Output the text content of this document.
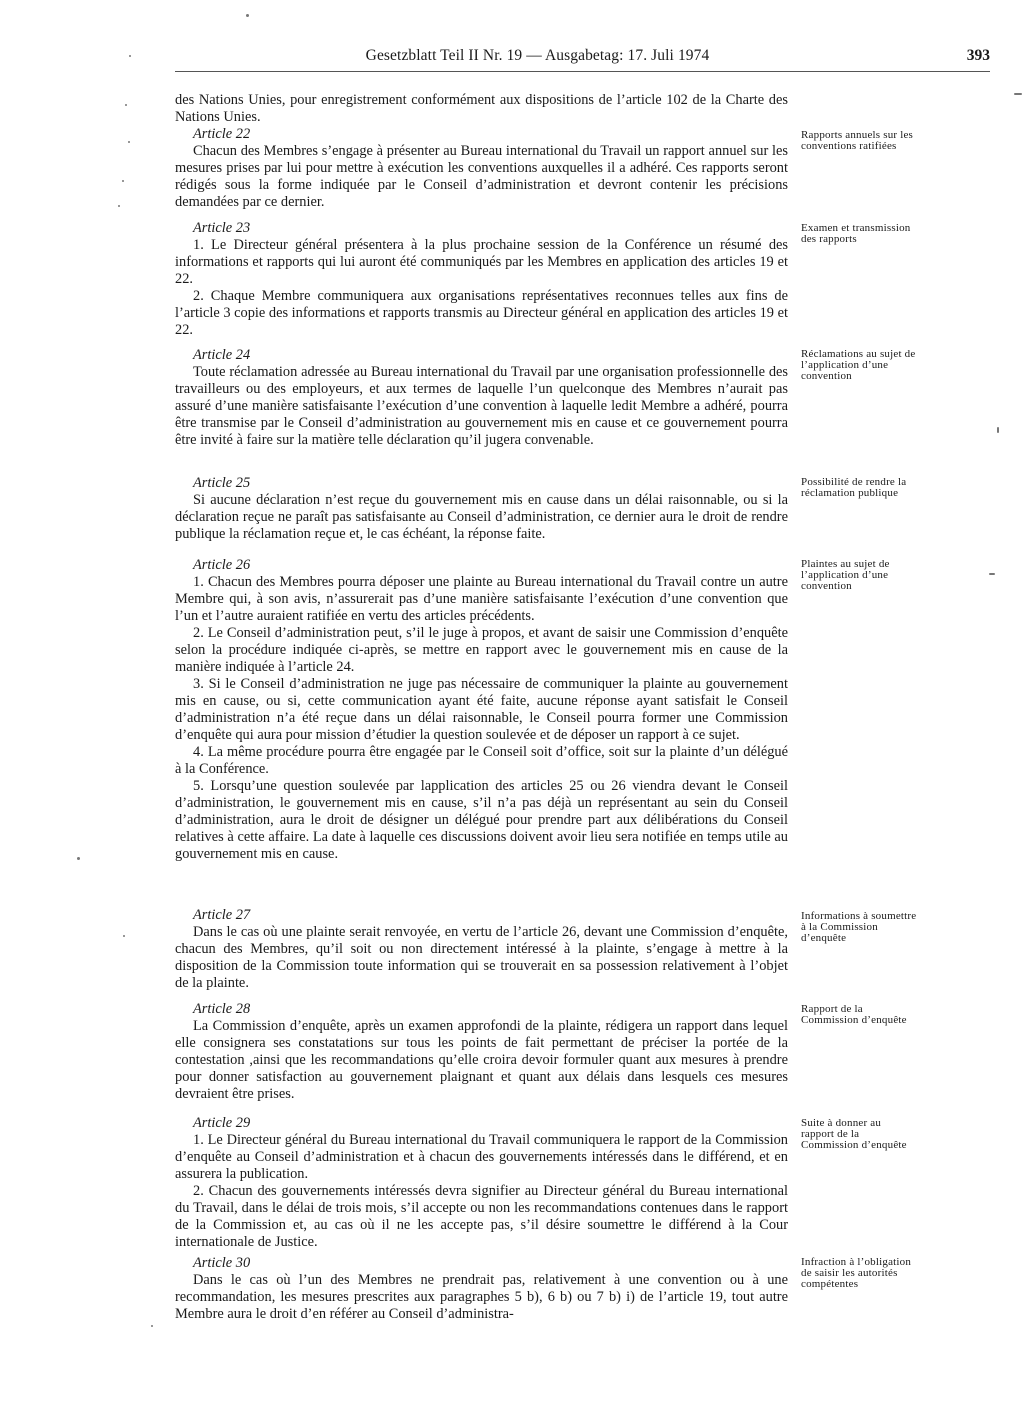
Gesetzblatt Teil II Nr. 19 — Ausgabetag: 17. Juli 1974	393

des Nations Unies, pour enregistrement conformément aux dispositions de l’article 102 de la Charte des Nations Unies.

Article 22

Chacun des Membres s’engage à présenter au Bureau international du Travail un rapport annuel sur les mesures prises par lui pour mettre à exécution les conventions auxquelles il a adhéré. Ces rapports seront rédigés sous la forme indiquée par le Conseil d’administration et devront contenir les précisions demandées par ce dernier.

Rapports annuels sur les conventions ratifiées

Article 23

1. Le Directeur général présentera à la plus prochaine session de la Conférence un résumé des informations et rapports qui lui auront été communiqués par les Membres en application des articles 19 et 22.

2. Chaque Membre communiquera aux organisations représentatives reconnues telles aux fins de l’article 3 copie des informations et rapports transmis au Directeur général en application des articles 19 et 22.

Examen et transmission des rapports

Article 24

Toute réclamation adressée au Bureau international du Travail par une organisation professionnelle des travailleurs ou des employeurs, et aux termes de laquelle l’un quelconque des Membres n’aurait pas assuré d’une manière satisfaisante l’exécution d’une convention à laquelle ledit Membre a adhéré, pourra être transmise par le Conseil d’administration au gouvernement mis en cause et ce gouvernement pourra être invité à faire sur la matière telle déclaration qu’il jugera convenable.

Réclamations au sujet de l’application d’une convention

Article 25

Si aucune déclaration n’est reçue du gouvernement mis en cause dans un délai raisonnable, ou si la déclaration reçue ne paraît pas satisfaisante au Conseil d’administration, ce dernier aura le droit de rendre publique la réclamation reçue et, le cas échéant, la réponse faite.

Possibilité de rendre la réclamation publique

Article 26

1. Chacun des Membres pourra déposer une plainte au Bureau international du Travail contre un autre Membre qui, à son avis, n’assurerait pas d’une manière satisfaisante l’exécution d’une convention que l’un et l’autre auraient ratifiée en vertu des articles précédents.

2. Le Conseil d’administration peut, s’il le juge à propos, et avant de saisir une Commission d’enquête selon la procédure indiquée ci-après, se mettre en rapport avec le gouvernement mis en cause de la manière indiquée à l’article 24.

3. Si le Conseil d’administration ne juge pas nécessaire de communiquer la plainte au gouvernement mis en cause, ou si, cette communication ayant été faite, aucune réponse ayant satisfait le Conseil d’administration n’a été reçue dans un délai raisonnable, le Conseil pourra former une Commission d’enquête qui aura pour mission d’étudier la question soulevée et de déposer un rapport à ce sujet.

4. La même procédure pourra être engagée par le Conseil soit d’office, soit sur la plainte d’un délégué à la Conférence.

5. Lorsqu’une question soulevée par lapplication des articles 25 ou 26 viendra devant le Conseil d’administration, le gouvernement mis en cause, s’il n’a pas déjà un représentant au sein du Conseil d’administration, aura le droit de désigner un délégué pour prendre part aux délibérations du Conseil relatives à cette affaire. La date à laquelle ces discussions doivent avoir lieu sera notifiée en temps utile au gouvernement mis en cause.

Plaintes au sujet de l’application d’une convention

Article 27

Dans le cas où une plainte serait renvoyée, en vertu de l’article 26, devant une Commission d’enquête, chacun des Membres, qu’il soit ou non directement intéressé à la plainte, s’engage à mettre à la disposition de la Commission toute information qui se trouverait en sa possession relativement à l’objet de la plainte.

Informations à soumettre à la Commission d’enquête

Article 28

La Commission d’enquête, après un examen approfondi de la plainte, rédigera un rapport dans lequel elle consignera ses constatations sur tous les points de fait permettant de préciser la portée de la contestation ,ainsi que les recommandations qu’elle croira devoir formuler quant aux mesures à prendre pour donner satisfaction au gouvernement plaignant et quant aux délais dans lesquels ces mesures devraient être prises.

Rapport de la Commission d’enquête

Article 29

1. Le Directeur général du Bureau international du Travail communiquera le rapport de la Commission d’enquête au Conseil d’administration et à chacun des gouvernements intéressés dans le différend, et en assurera la publication.

2. Chacun des gouvernements intéressés devra signifier au Directeur général du Bureau international du Travail, dans le délai de trois mois, s’il accepte ou non les recommandations contenues dans le rapport de la Commission et, au cas où il ne les accepte pas, s’il désire soumettre le différend à la Cour internationale de Justice.

Suite à donner au rapport de la Commission d’enquête

Article 30

Dans le cas où l’un des Membres ne prendrait pas, relativement à une convention ou à une recommandation, les mesures prescrites aux paragraphes 5 b), 6 b) ou 7 b) i) de l’article 19, tout autre Membre aura le droit d’en référer au Conseil d’administra-

Infraction à l’obligation de saisir les autorités compétentes
